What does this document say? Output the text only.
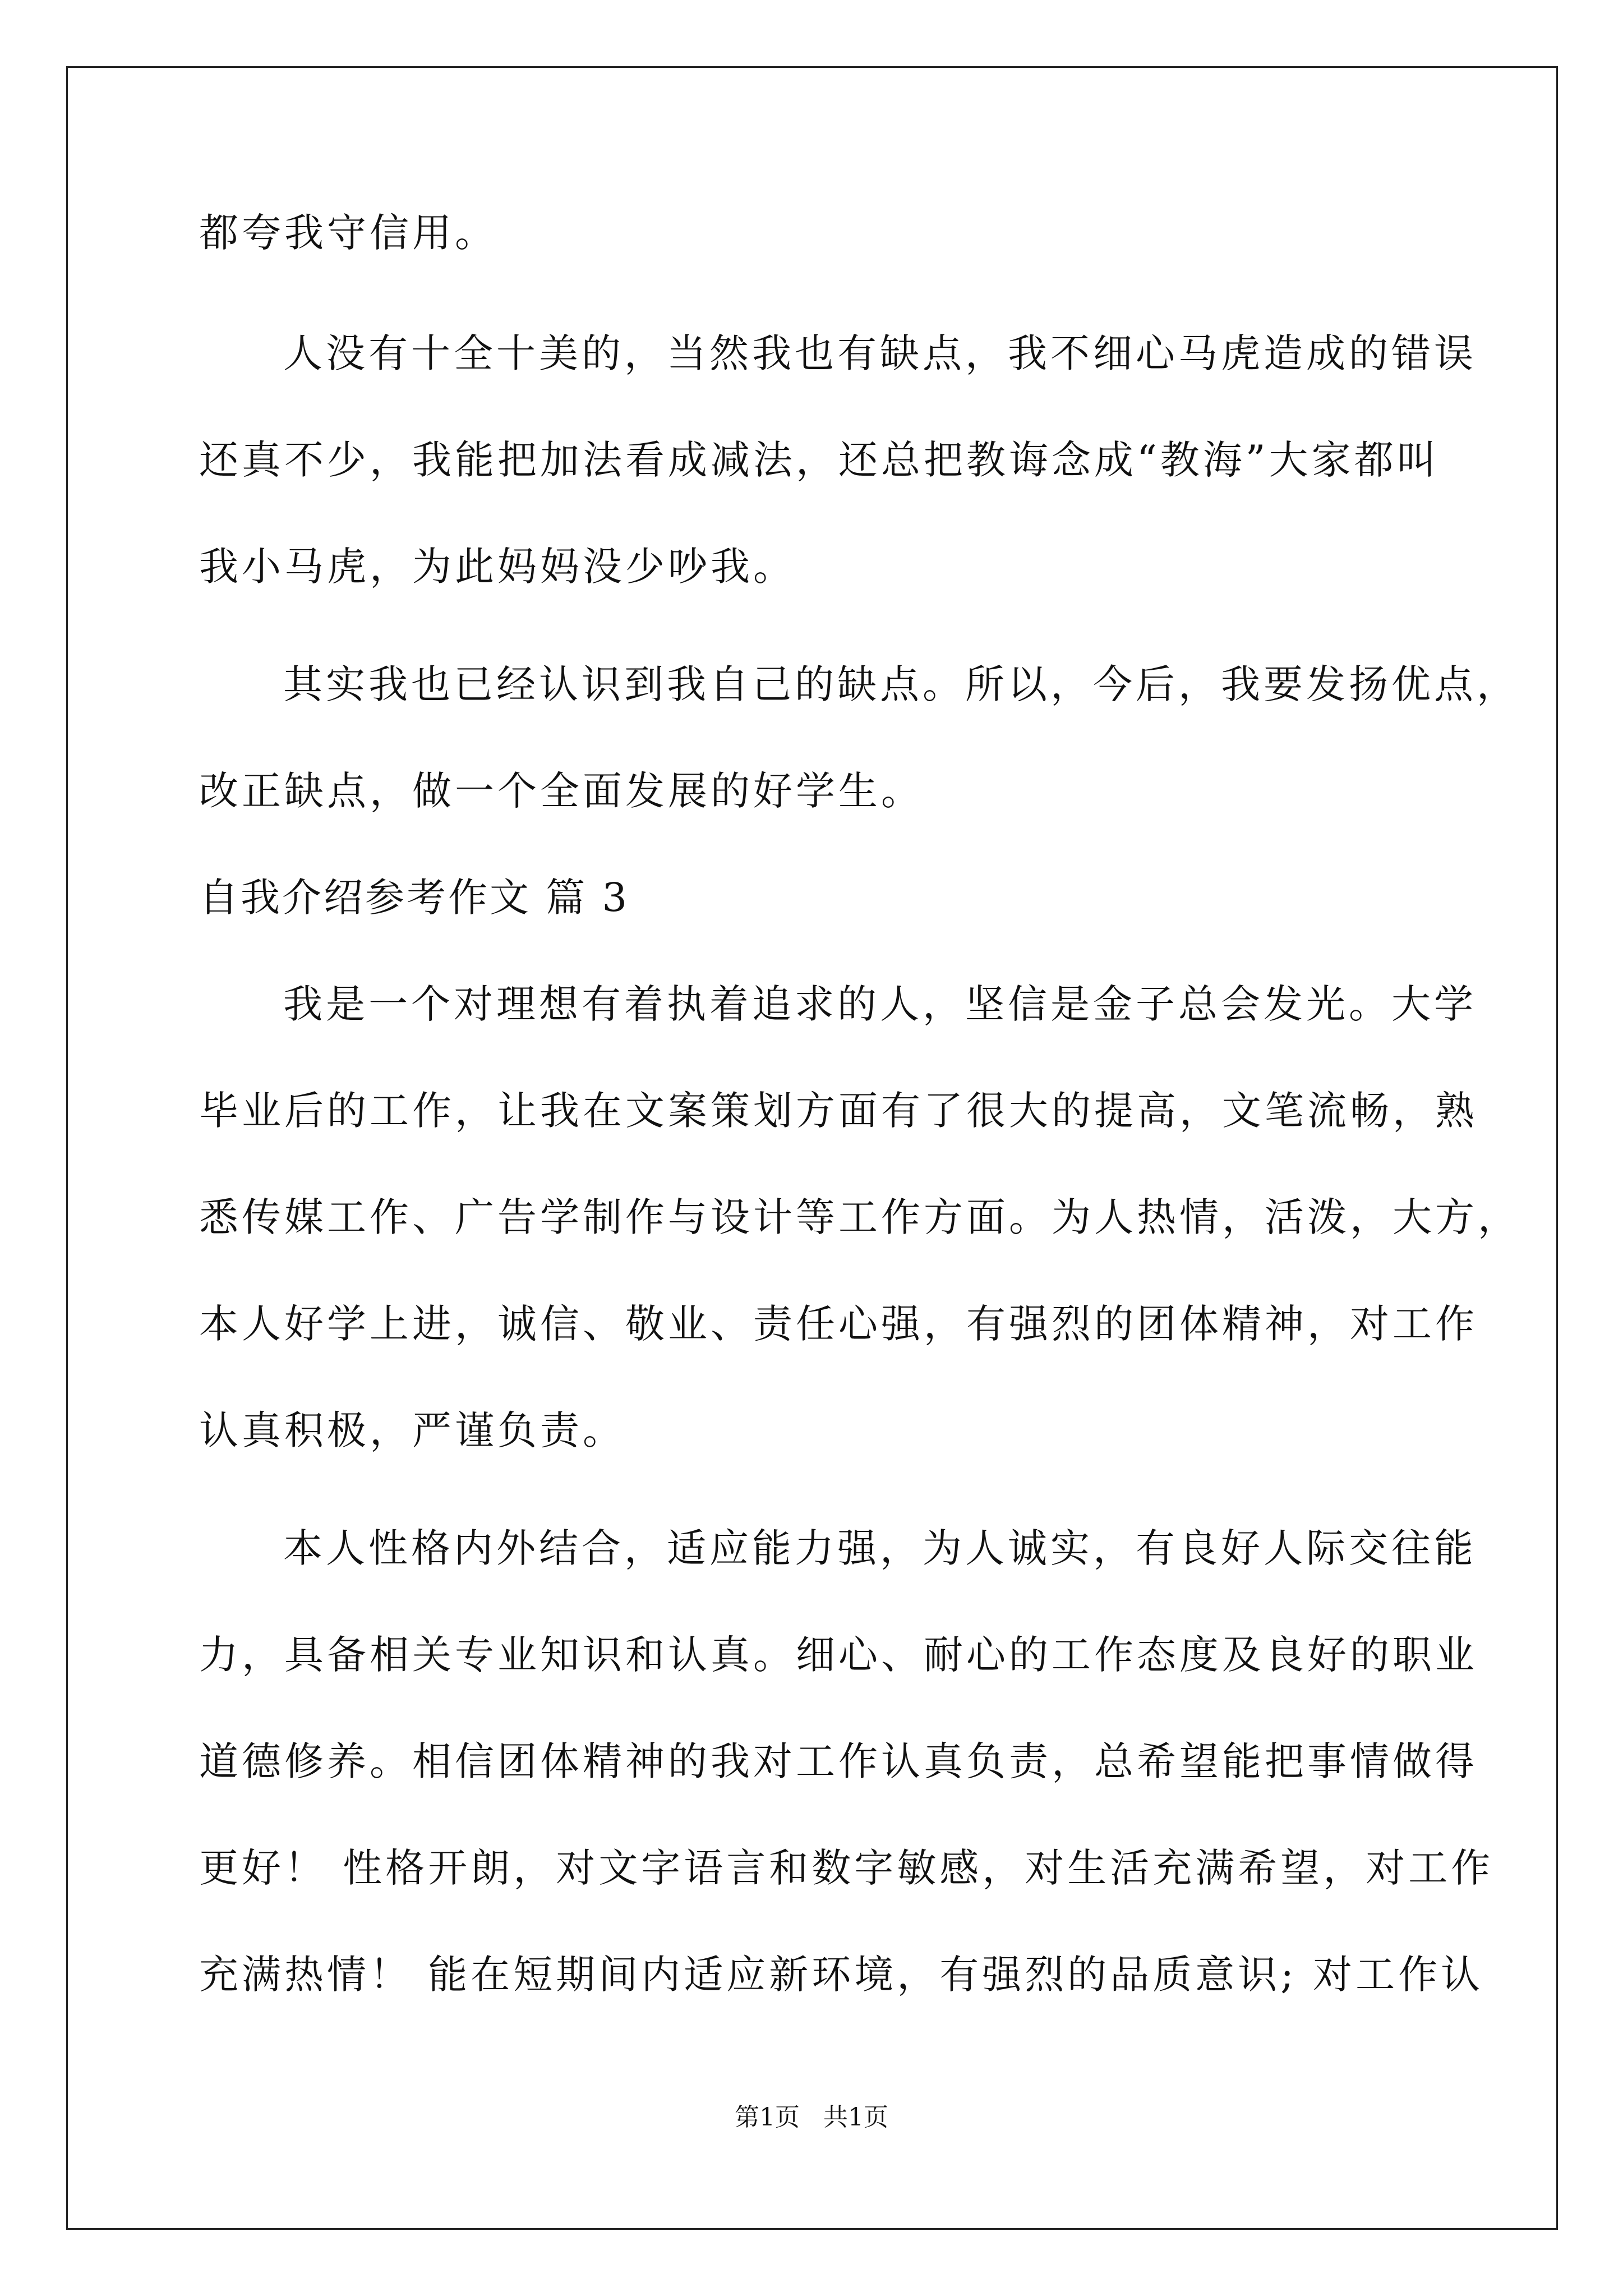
都夸我守信用。

人没有十全十美的，当然我也有缺点，我不细心马虎造成的错误

还真不少，我能把加法看成减法，还总把教诲念成“教海”大家都叫

我小马虎，为此妈妈没少吵我。

其实我也已经认识到我自己的缺点。所以，今后，我要发扬优点，

改正缺点，做一个全面发展的好学生。

自我介绍参考作文 篇 3

我是一个对理想有着执着追求的人，坚信是金子总会发光。大学

毕业后的工作，让我在文案策划方面有了很大的提高，文笔流畅，熟

悉传媒工作、广告学制作与设计等工作方面。为人热情，活泼，大方，

本人好学上进，诚信、敬业、责任心强，有强烈的团体精神，对工作

认真积极，严谨负责。

本人性格内外结合，适应能力强，为人诚实，有良好人际交往能

力，具备相关专业知识和认真。细心、耐心的工作态度及良好的职业

道德修养。相信团体精神的我对工作认真负责，总希望能把事情做得

更好！ 性格开朗，对文字语言和数字敏感，对生活充满希望，对工作

充满热情！ 能在短期间内适应新环境，有强烈的品质意识; 对工作认

第1页   共1页
